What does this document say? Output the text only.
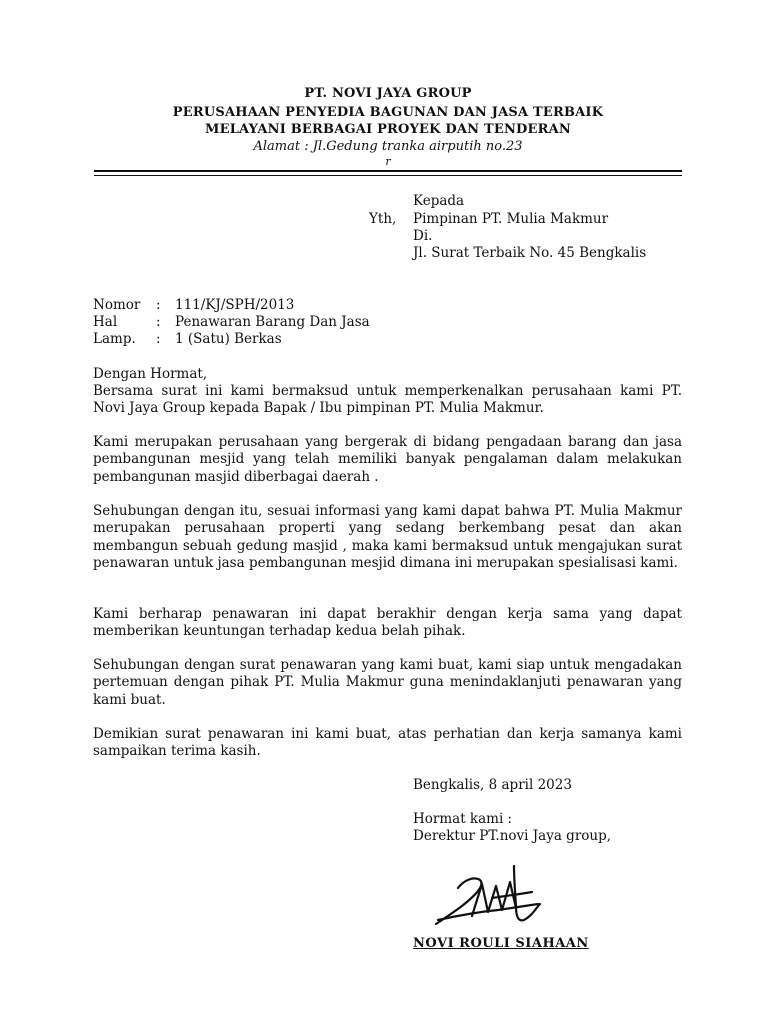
PT. NOVI JAYA GROUP
PERUSAHAAN PENYEDIA BAGUNAN DAN JASA TERBAIK
MELAYANI BERBAGAI PROYEK DAN TENDERAN
Alamat : Jl.Gedung tranka airputih no.23
r
Kepada
Yth, Pimpinan PT. Mulia Makmur
Di.
Jl. Surat Terbaik No. 45 Bengkalis
Nomor : 111/KJ/SPH/2013
Hal	: Penawaran Barang Dan Jasa
Lamp. : 1 (Satu) Berkas
Dengan Hormat,
Bersama surat ini kami bermaksud untuk memperkenalkan perusahaan kami PT. Novi Jaya Group kepada Bapak / Ibu pimpinan PT. Mulia Makmur.
Kami merupakan perusahaan yang bergerak di bidang pengadaan barang dan jasa pembangunan mesjid yang telah memiliki banyak pengalaman dalam melakukan pembangunan masjid diberbagai daerah .
Sehubungan dengan itu, sesuai informasi yang kami dapat bahwa PT. Mulia Makmur merupakan perusahaan properti yang sedang berkembang pesat dan akan membangun sebuah gedung masjid , maka kami bermaksud untuk mengajukan surat penawaran untuk jasa pembangunan mesjid dimana ini merupakan spesialisasi kami.
Kami berharap penawaran ini dapat berakhir dengan kerja sama yang dapat memberikan keuntungan terhadap kedua belah pihak.
Sehubungan dengan surat penawaran yang kami buat, kami siap untuk mengadakan pertemuan dengan pihak PT. Mulia Makmur guna menindaklanjuti penawaran yang kami buat.
Demikian surat penawaran ini kami buat, atas perhatian dan kerja samanya kami sampaikan terima kasih.
Bengkalis, 8 april 2023
Hormat kami :
Derektur PT.novi Jaya group,
NOVI ROULI SIAHAAN
